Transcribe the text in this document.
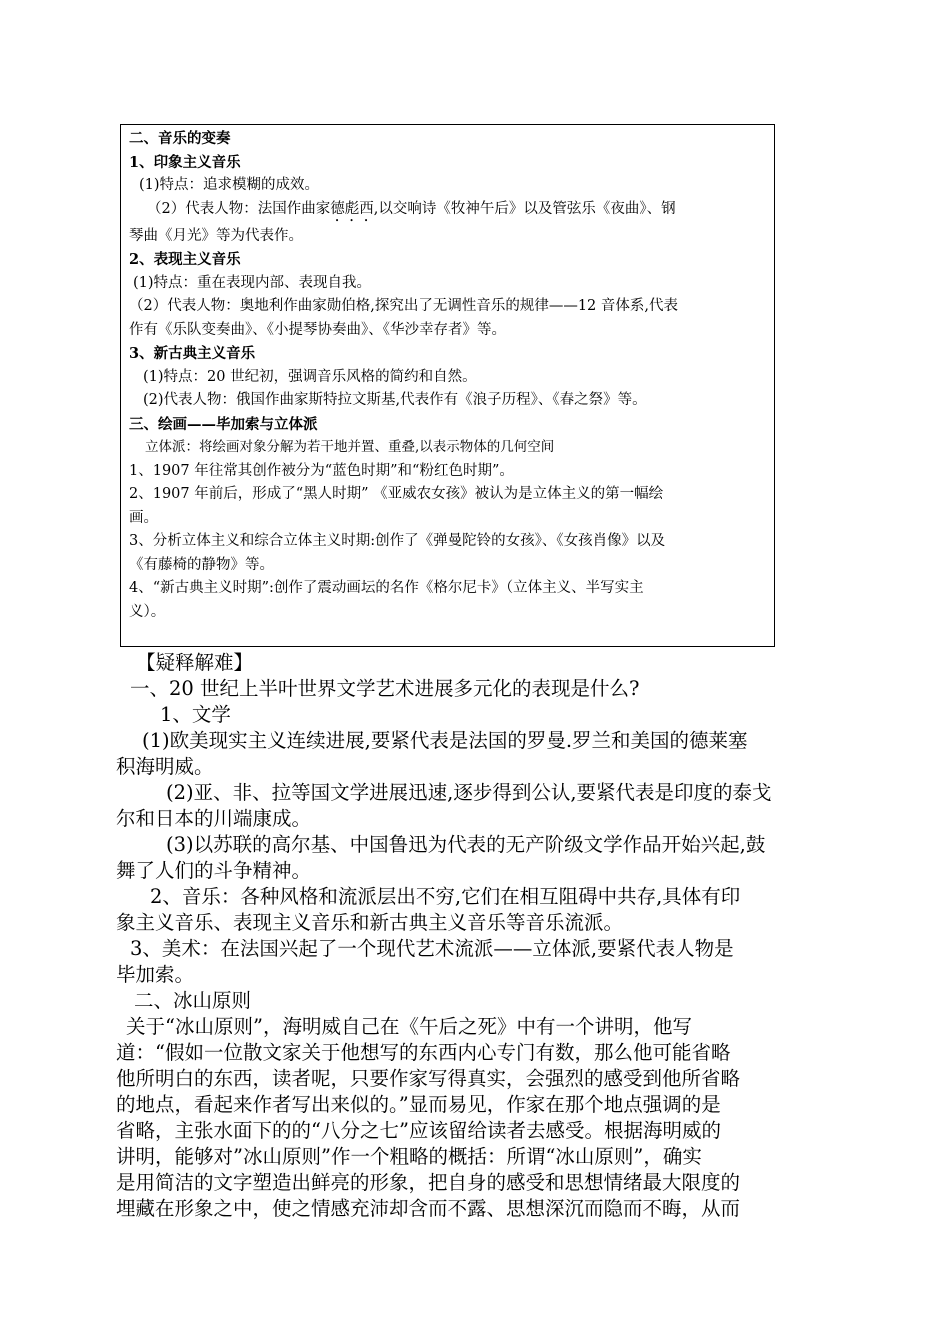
二、音乐的变奏
1、印象主义音乐
(1)特点：追求模糊的成效。
（2）代表人物：法国作曲家德彪西,以交响诗《牧神午后》以及管弦乐《夜曲》、钢
琴曲《月光》等为代表作。
2、表现主义音乐
(1)特点：重在表现内部、表现自我。
（2）代表人物：奥地利作曲家勋伯格,探究出了无调性音乐的规律——12 音体系,代表
作有《乐队变奏曲》、《小提琴协奏曲》、《华沙幸存者》等。
3、新古典主义音乐
(1)特点：20 世纪初，强调音乐风格的简约和自然。
(2)代表人物：俄国作曲家斯特拉文斯基,代表作有《浪子历程》、《春之祭》等。
三、绘画——毕加索与立体派
立体派：将绘画对象分解为若干地并置、重叠,以表示物体的几何空间
1、1907 年往常其创作被分为“蓝色时期”和“粉红色时期”。
2、1907 年前后，形成了“黑人时期” 《亚威农女孩》被认为是立体主义的第一幅绘
画。
3、分析立体主义和综合立体主义时期:创作了《弹曼陀铃的女孩》、《女孩肖像》以及
《有藤椅的静物》等。
4、“新古典主义时期”:创作了震动画坛的名作《格尔尼卡》（立体主义、半写实主
义）。
【疑释解难】
一、20 世纪上半叶世界文学艺术进展多元化的表现是什么?
1、文学
(1)欧美现实主义连续进展,要紧代表是法国的罗曼.罗兰和美国的德莱塞
积海明威。
(2)亚、非、拉等国文学进展迅速,逐步得到公认,要紧代表是印度的泰戈
尔和日本的川端康成。
(3)以苏联的高尔基、中国鲁迅为代表的无产阶级文学作品开始兴起,鼓
舞了人们的斗争精神。
2、音乐：各种风格和流派层出不穷,它们在相互阻碍中共存,具体有印
象主义音乐、表现主义音乐和新古典主义音乐等音乐流派。
3、美术：在法国兴起了一个现代艺术流派——立体派,要紧代表人物是
毕加索。
二、冰山原则
关于“冰山原则”，海明威自己在《午后之死》中有一个讲明，他写
道：“假如一位散文家关于他想写的东西内心专门有数，那么他可能省略
他所明白的东西，读者呢，只要作家写得真实，会强烈的感受到他所省略
的地点，看起来作者写出来似的。”显而易见，作家在那个地点强调的是
省略，主张水面下的的“八分之七”应该留给读者去感受。根据海明威的
讲明，能够对”冰山原则”作一个粗略的概括：所谓“冰山原则”，确实
是用简洁的文字塑造出鲜亮的形象，把自身的感受和思想情绪最大限度的
埋藏在形象之中，使之情感充沛却含而不露、思想深沉而隐而不晦，从而
